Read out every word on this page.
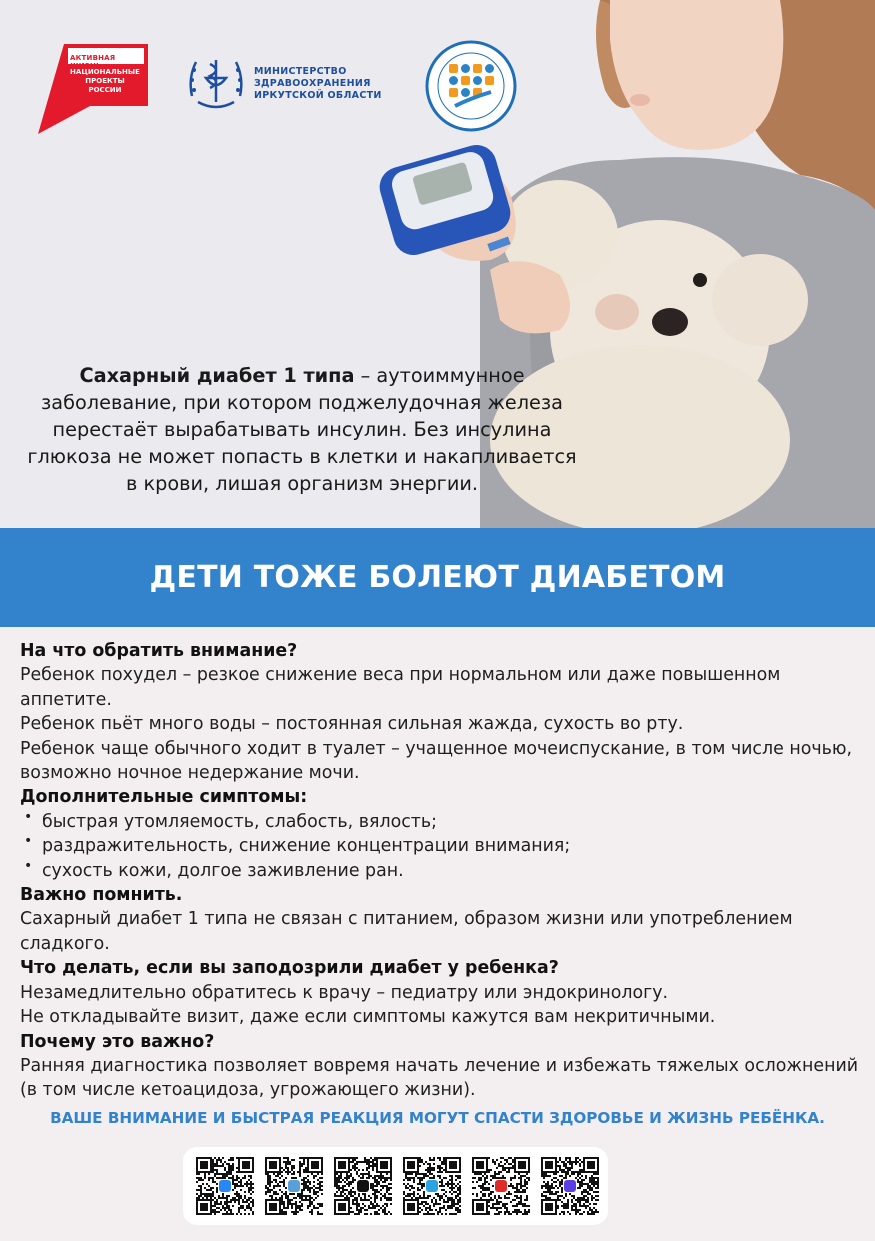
АКТИВНАЯ ЖИЗНЬ
НАЦИОНАЛЬНЫЕ ПРОЕКТЫ РОССИИ
МИНИСТЕРСТВО
ЗДРАВООХРАНЕНИЯ
ИРКУТСКОЙ ОБЛАСТИ
Сахарный диабет 1 типа – аутоиммунное заболевание, при котором поджелудочная железа перестаёт вырабатывать инсулин. Без инсулина глюкоза не может попасть в клетки и накапливается в крови, лишая организм энергии.
ДЕТИ ТОЖЕ БОЛЕЮТ ДИАБЕТОМ

На что обратить внимание?

Ребенок похудел – резкое снижение веса при нормальном или даже повышенном аппетите.

Ребенок пьёт много воды – постоянная сильная жажда, сухость во рту.

Ребенок чаще обычного ходит в туалет – учащенное мочеиспускание, в том числе ночью, возможно ночное недержание мочи.

Дополнительные симптомы:

• быстрая утомляемость, слабость, вялость;

• раздражительность, снижение концентрации внимания;

• сухость кожи, долгое заживление ран.

Важно помнить.

Сахарный диабет 1 типа не связан с питанием, образом жизни или употреблением сладкого.

Что делать, если вы заподозрили диабет у ребенка?

Незамедлительно обратитесь к врачу – педиатру или эндокринологу.

Не откладывайте визит, даже если симптомы кажутся вам некритичными.

Почему это важно?

Ранняя диагностика позволяет вовремя начать лечение и избежать тяжелых осложнений (в том числе кетоацидоза, угрожающего жизни).

ВАШЕ ВНИМАНИЕ И БЫСТРАЯ РЕАКЦИЯ МОГУТ СПАСТИ ЗДОРОВЬЕ И ЖИЗНЬ РЕБЁНКА.
